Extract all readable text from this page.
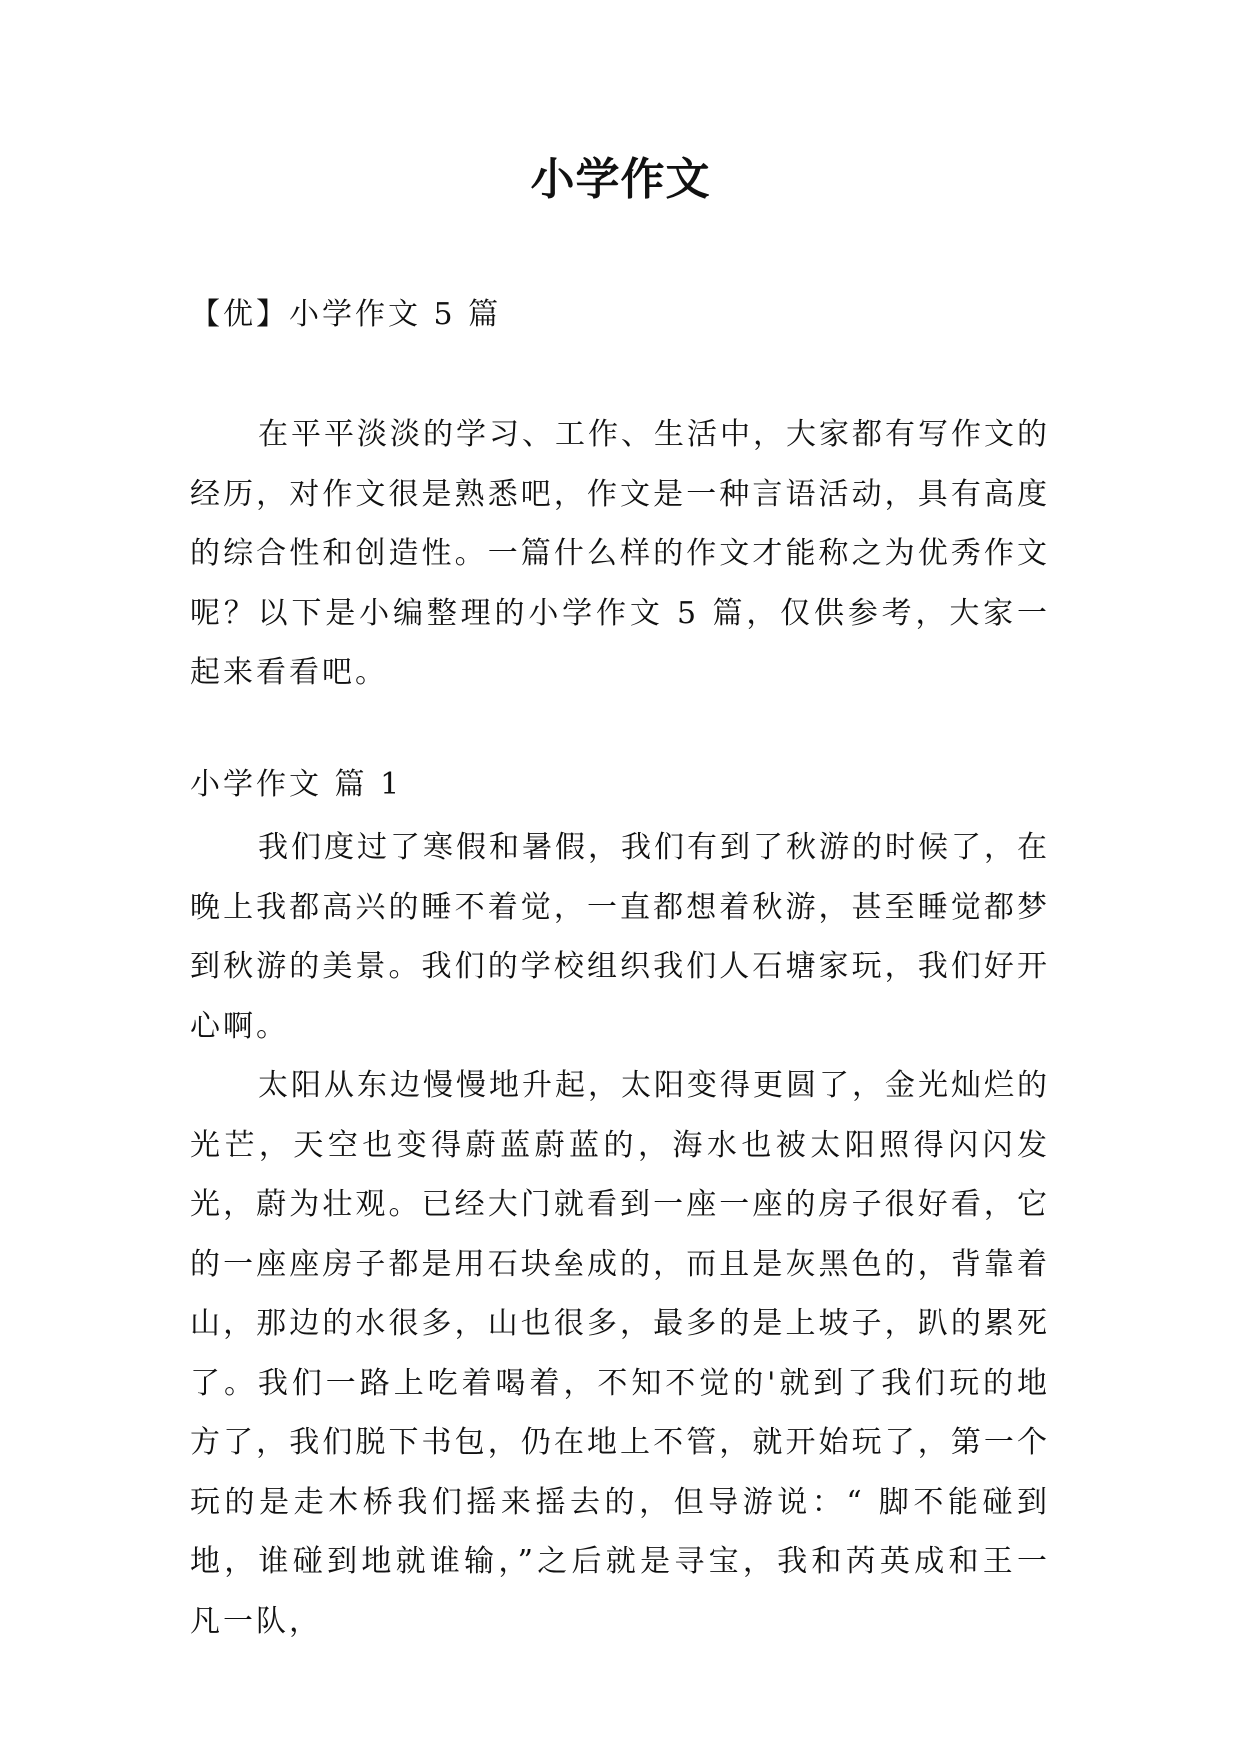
小学作文
【优】小学作文 5 篇

在平平淡淡的学习、工作、生活中，大家都有写作文的经历，对作文很是熟悉吧，作文是一种言语活动，具有高度的综合性和创造性。一篇什么样的作文才能称之为优秀作文呢？以下是小编整理的小学作文 5 篇，仅供参考，大家一起来看看吧。

小学作文 篇 1

我们度过了寒假和暑假，我们有到了秋游的时候了，在晚上我都高兴的睡不着觉，一直都想着秋游，甚至睡觉都梦到秋游的美景。我们的学校组织我们人石塘家玩，我们好开心啊。

太阳从东边慢慢地升起，太阳变得更圆了，金光灿烂的光芒，天空也变得蔚蓝蔚蓝的，海水也被太阳照得闪闪发光，蔚为壮观。已经大门就看到一座一座的房子很好看，它的一座座房子都是用石块垒成的，而且是灰黑色的，背靠着山，那边的水很多，山也很多，最多的是上坡子，趴的累死了。我们一路上吃着喝着，不知不觉的'就到了我们玩的地方了，我们脱下书包，仍在地上不管，就开始玩了，第一个玩的是走木桥我们摇来摇去的，但导游说：“ 脚不能碰到地，谁碰到地就谁输，”之后就是寻宝，我和芮英成和王一凡一队，
